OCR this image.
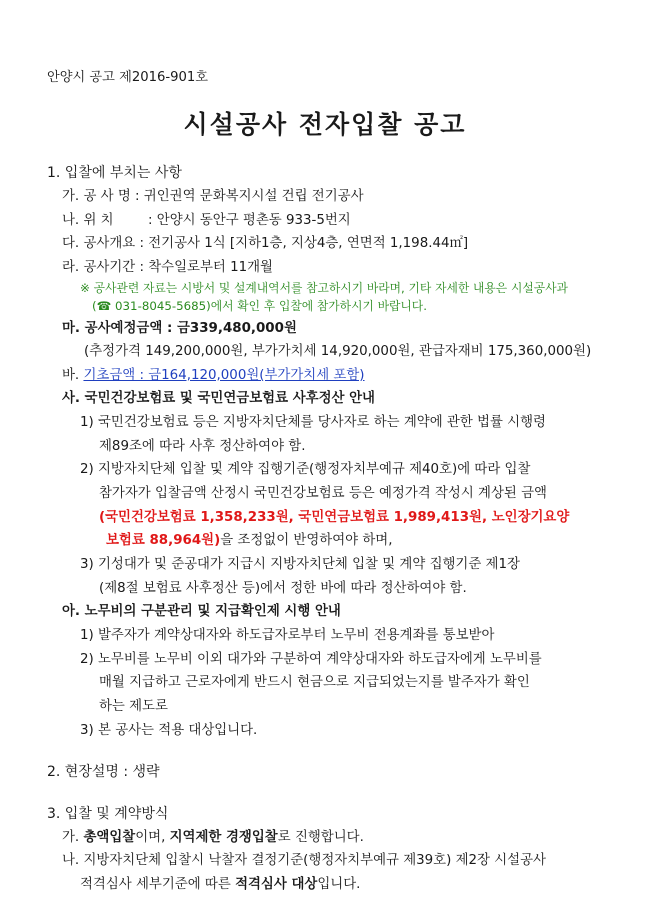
안양시 공고 제2016-901호
시설공사 전자입찰 공고
1. 입찰에 부치는 사항
가. 공 사 명 : 귀인권역 문화복지시설 건립 전기공사
나. 위 치	: 안양시 동안구 평촌동 933-5번지
다. 공사개요 : 전기공사 1식 [지하1층, 지상4층, 연면적 1,198.44㎡]
라. 공사기간 : 착수일로부터 11개월
※ 공사관련 자료는 시방서 및 설계내역서를 참고하시기 바라며, 기타 자세한 내용은 시설공사과
(☎ 031-8045-5685)에서 확인 후 입찰에 참가하시기 바랍니다.
마. 공사예정금액 : 금339,480,000원
(추정가격 149,200,000원, 부가가치세 14,920,000원, 관급자재비 175,360,000원)
바. 기초금액 : 금164,120,000원(부가가치세 포함)
사. 국민건강보험료 및 국민연금보험료 사후정산 안내
1) 국민건강보험료 등은 지방자치단체를 당사자로 하는 계약에 관한 법률 시행령
제89조에 따라 사후 정산하여야 함.
2) 지방자치단체 입찰 및 계약 집행기준(행정자치부예규 제40호)에 따라 입찰
참가자가 입찰금액 산정시 국민건강보험료 등은 예정가격 작성시 계상된 금액
(국민건강보험료 1,358,233원, 국민연금보험료 1,989,413원, 노인장기요양
보험료 88,964원)을 조정없이 반영하여야 하며,
3) 기성대가 및 준공대가 지급시 지방자치단체 입찰 및 계약 집행기준 제1장
(제8절 보험료 사후정산 등)에서 정한 바에 따라 정산하여야 함.
아. 노무비의 구분관리 및 지급확인제 시행 안내
1) 발주자가 계약상대자와 하도급자로부터 노무비 전용계좌를 통보받아
2) 노무비를 노무비 이외 대가와 구분하여 계약상대자와 하도급자에게 노무비를
매월 지급하고 근로자에게 반드시 현금으로 지급되었는지를 발주자가 확인
하는 제도로
3) 본 공사는 적용 대상입니다.
2. 현장설명 : 생략
3. 입찰 및 계약방식
가. 총액입찰이며, 지역제한 경쟁입찰로 진행합니다.
나. 지방자치단체 입찰시 낙찰자 결정기준(행정자치부예규 제39호) 제2장 시설공사
적격심사 세부기준에 따른 적격심사 대상입니다.
